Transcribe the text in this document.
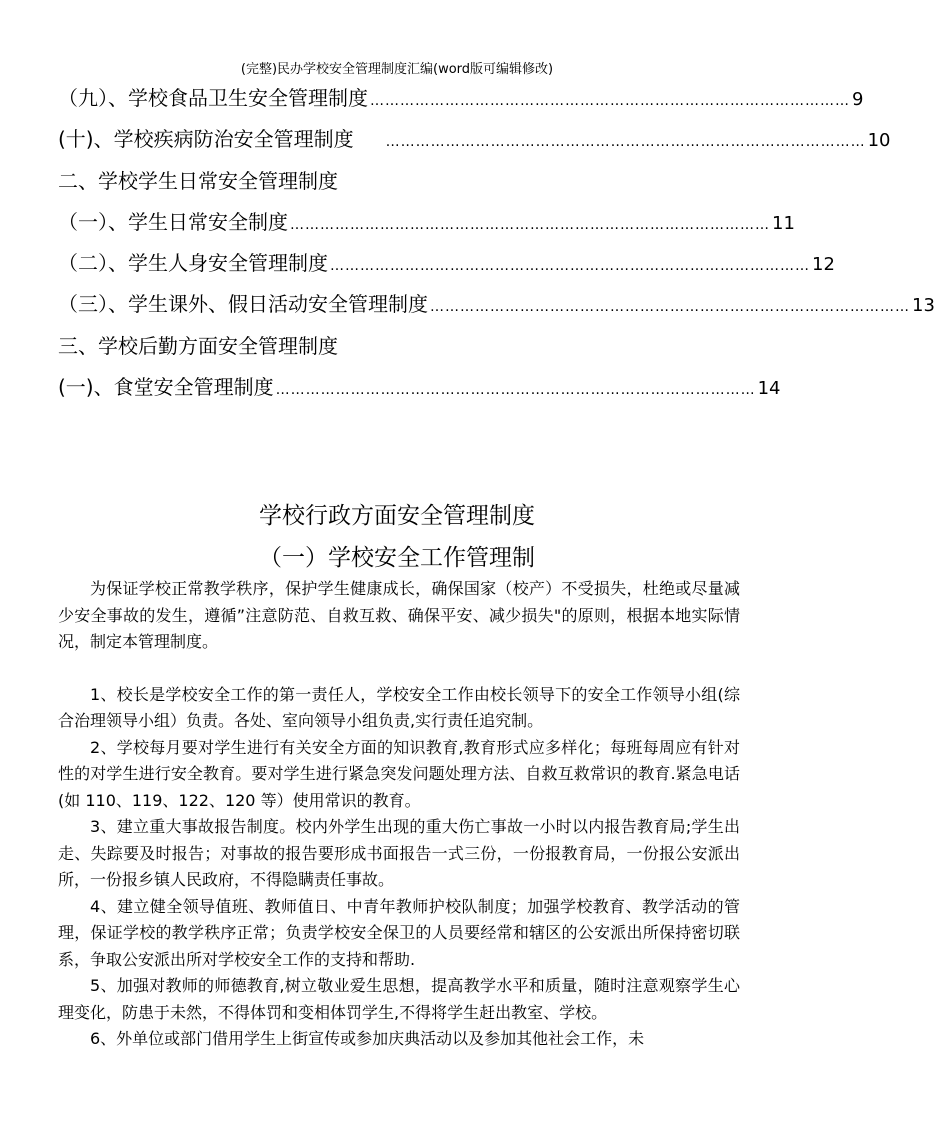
(完整)民办学校安全管理制度汇编(word版可编辑修改)
（九）、学校食品卫生安全管理制度 …………………………………………………………………………………… 9
(十)、学校疾病防治安全管理制度 　　…………………………………………………………………………………… 10
二、学校学生日常安全管理制度
（一）、学生日常安全制度 …………………………………………………………………………………… 11
（二）、学生人身安全管理制度 …………………………………………………………………………………… 12
（三）、学生课外、假日活动安全管理制度 …………………………………………………………………………………… 13
三、学校后勤方面安全管理制度
(一)、食堂安全管理制度 …………………………………………………………………………………… 14
学校行政方面安全管理制度
（一）学校安全工作管理制

为保证学校正常教学秩序，保护学生健康成长，确保国家（校产）不受损失，杜绝或尽量减少安全事故的发生，遵循”注意防范、自救互救、确保平安、减少损失"的原则，根据本地实际情况，制定本管理制度。

1、校长是学校安全工作的第一责任人，学校安全工作由校长领导下的安全工作领导小组(综合治理领导小组）负责。各处、室向领导小组负责,实行责任追究制。

2、学校每月要对学生进行有关安全方面的知识教育,教育形式应多样化；每班每周应有针对性的对学生进行安全教育。要对学生进行紧急突发问题处理方法、自救互救常识的教育.紧急电话(如 110、119、122、120 等）使用常识的教育。

3、建立重大事故报告制度。校内外学生出现的重大伤亡事故一小时以内报告教育局;学生出走、失踪要及时报告；对事故的报告要形成书面报告一式三份，一份报教育局，一份报公安派出所，一份报乡镇人民政府，不得隐瞒责任事故。

4、建立健全领导值班、教师值日、中青年教师护校队制度；加强学校教育、教学活动的管理，保证学校的教学秩序正常；负责学校安全保卫的人员要经常和辖区的公安派出所保持密切联系，争取公安派出所对学校安全工作的支持和帮助.

5、加强对教师的师德教育,树立敬业爱生思想，提高教学水平和质量，随时注意观察学生心理变化，防患于未然，不得体罚和变相体罚学生,不得将学生赶出教室、学校。

6、外单位或部门借用学生上街宣传或参加庆典活动以及参加其他社会工作，未
